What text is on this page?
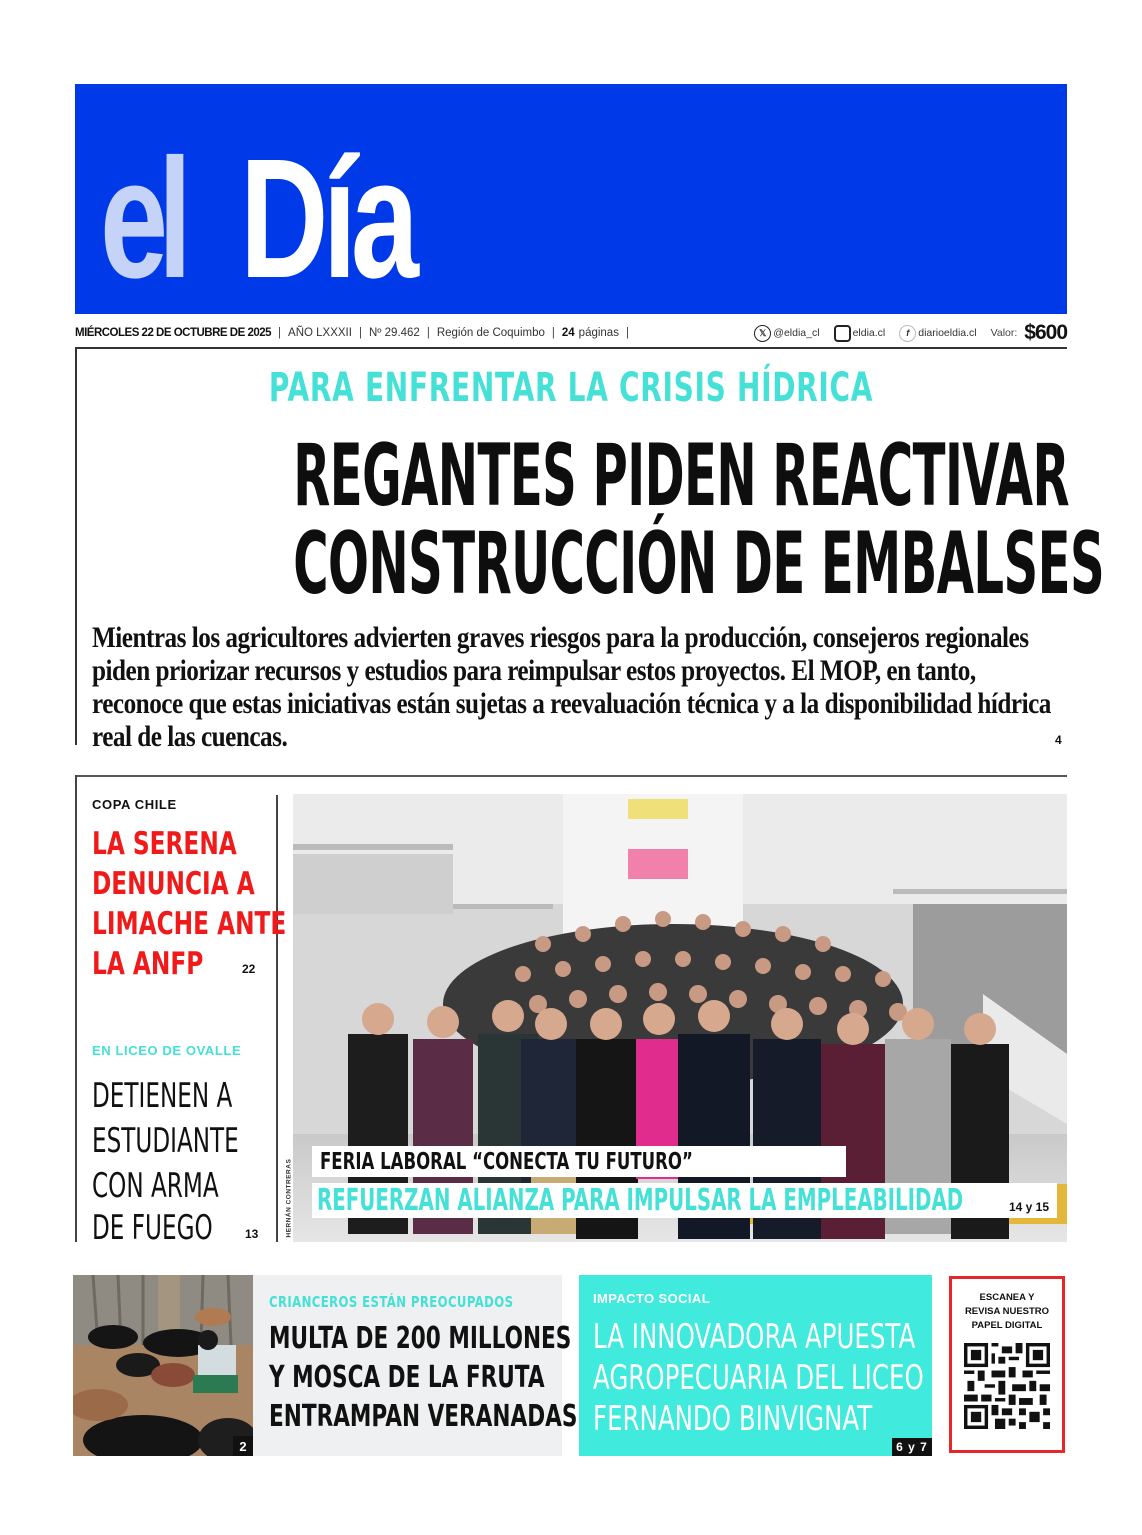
el Día
MIÉRCOLES 22 DE OCTUBRE DE 2025 | AÑO LXXXII | Nº 29.462 | Región de Coquimbo | 24 páginas |	𝕏 @eldia_cl	eldia.cl	f diarioeldia.cl Valor: $600
PARA ENFRENTAR LA CRISIS HÍDRICA
REGANTES PIDEN REACTIVAR
CONSTRUCCIÓN DE EMBALSES
Mientras los agricultores advierten graves riesgos para la producción, consejeros regionales piden priorizar recursos y estudios para reimpulsar estos proyectos. El MOP, en tanto, reconoce que estas iniciativas están sujetas a reevaluación técnica y a la disponibilidad hídrica real de las cuencas.	4
COPA CHILE
LA SERENA
DENUNCIA A
LIMACHE ANTE
LA ANFP	22
EN LICEO DE OVALLE
DETIENEN A
ESTUDIANTE
CON ARMA
DE FUEGO	13	HERNÁN CONTRERAS FERIA LABORAL “CONECTA TU FUTURO”
REFUERZAN ALIANZA PARA IMPULSAR LA EMPLEABILIDAD	14 y 15
2
CRIANCEROS ESTÁN PREOCUPADOS
MULTA DE 200 MILLONES
Y MOSCA DE LA FRUTA
ENTRAMPAN VERANADAS
IMPACTO SOCIAL
LA INNOVADORA APUESTA
AGROPECUARIA DEL LICEO
FERNANDO BINVIGNAT
6 y 7
ESCANEA Y
REVISA NUESTRO
PAPEL DIGITAL
